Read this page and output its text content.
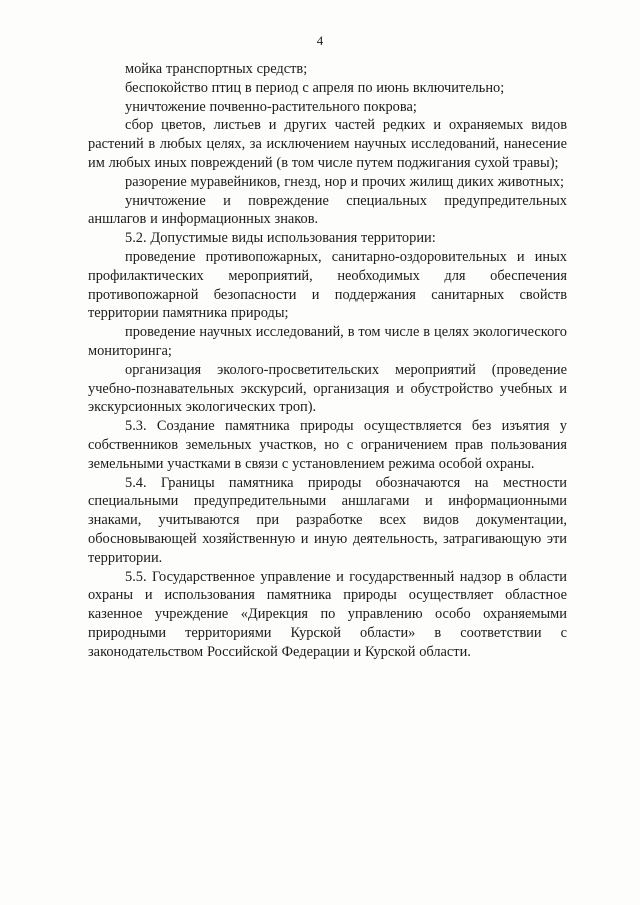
4

мойка транспортных средств;

беспокойство птиц в период с апреля по июнь включительно;

уничтожение почвенно-растительного покрова;

сбор цветов, листьев и других частей редких и охраняемых видов растений в любых целях, за исключением научных исследований, нанесение им любых иных повреждений (в том числе путем поджигания сухой травы);

разорение муравейников, гнезд, нор и прочих жилищ диких животных;

уничтожение и повреждение специальных предупредительных аншлагов и информационных знаков.

5.2. Допустимые виды использования территории:

проведение противопожарных, санитарно-оздоровительных и иных профилактических мероприятий, необходимых для обеспечения противопожарной безопасности и поддержания санитарных свойств территории памятника природы;

проведение научных исследований, в том числе в целях экологического мониторинга;

организация эколого-просветительских мероприятий (проведение учебно-познавательных экскурсий, организация и обустройство учебных и экскурсионных экологических троп).

5.3. Создание памятника природы осуществляется без изъятия у собственников земельных участков, но с ограничением прав пользования земельными участками в связи с установлением режима особой охраны.

5.4. Границы памятника природы обозначаются на местности специальными предупредительными аншлагами и информационными знаками, учитываются при разработке всех видов документации, обосновывающей хозяйственную и иную деятельность, затрагивающую эти территории.

5.5. Государственное управление и государственный надзор в области охраны и использования памятника природы осуществляет областное казенное учреждение «Дирекция по управлению особо охраняемыми природными территориями Курской области» в соответствии с законодательством Российской Федерации и Курской области.
